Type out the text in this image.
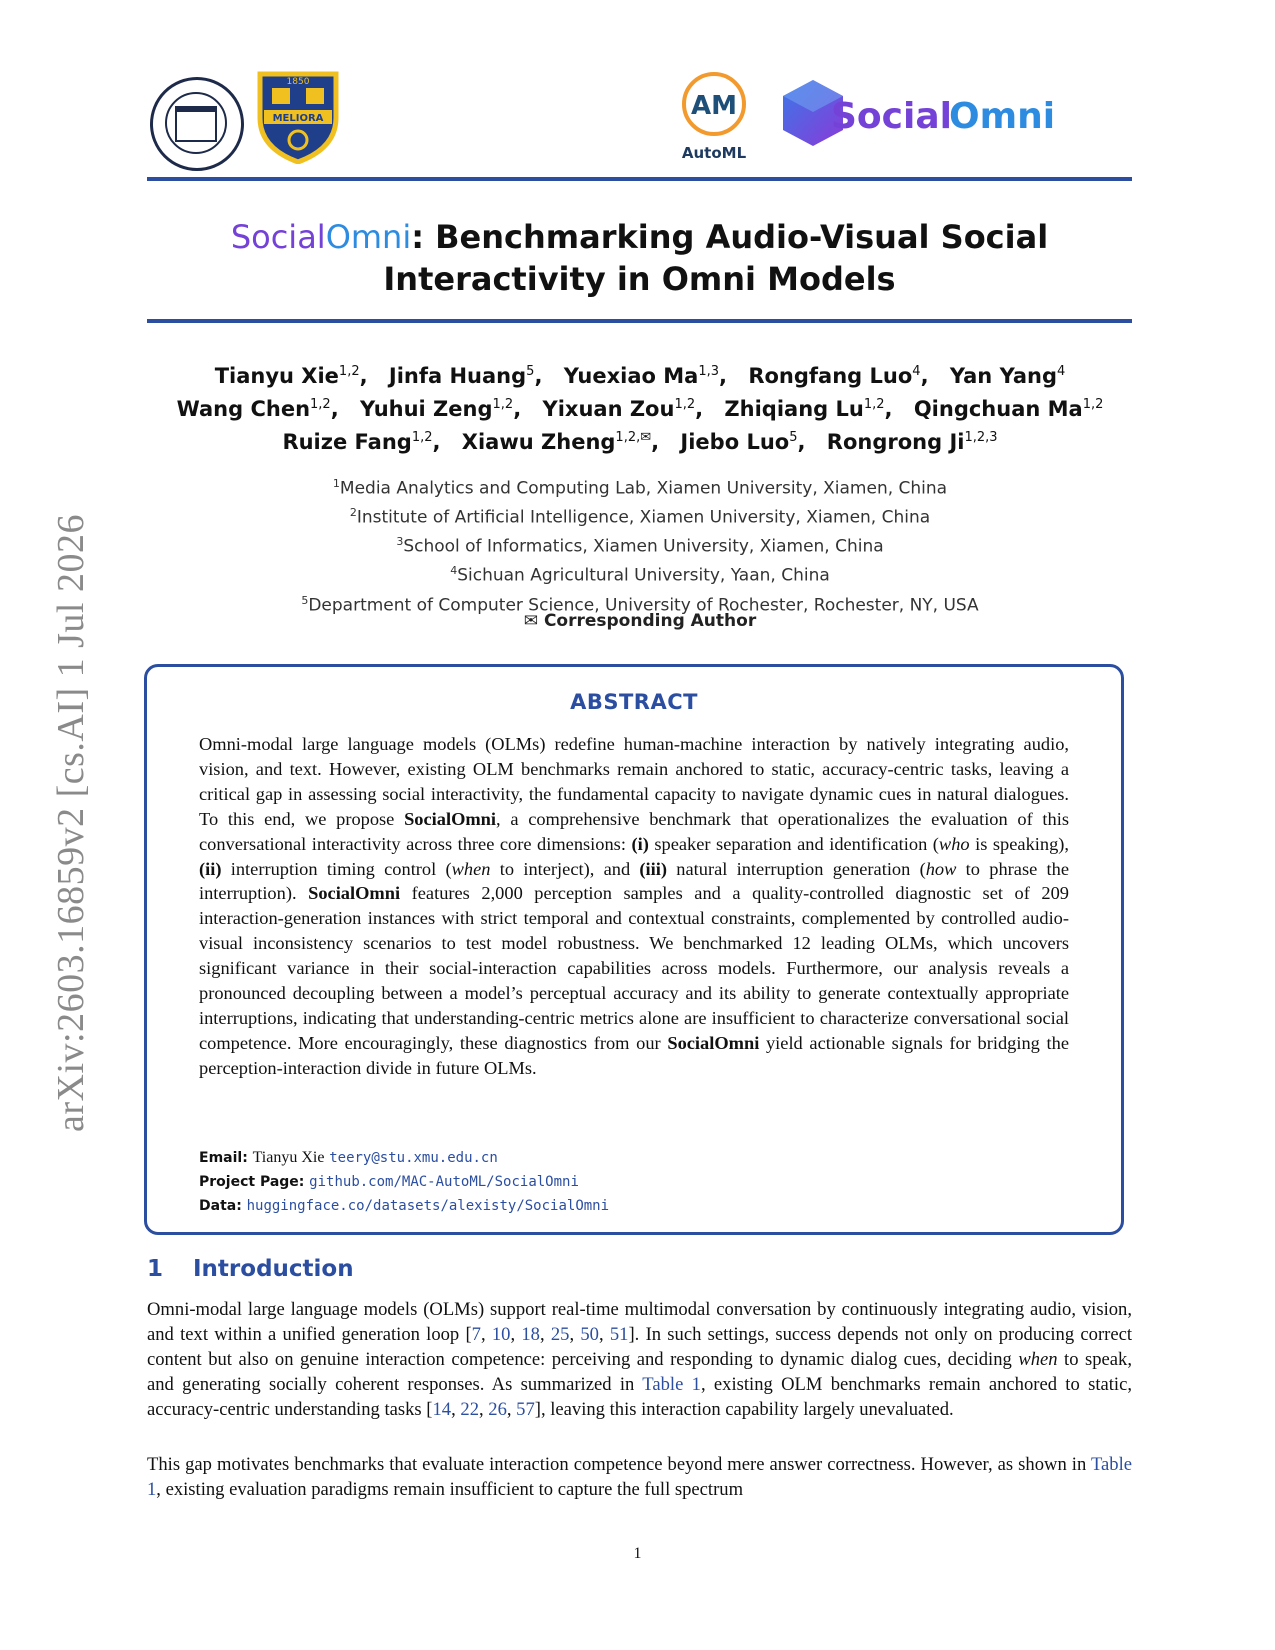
arXiv:2603.16859v2 [cs.AI] 1 Jul 2026
1850
MELIORA	AM
AutoML
Social
Omni
SocialOmni: Benchmarking Audio-Visual Social
Interactivity in Omni Models
Tianyu Xie$^{1,2}$, Jinfa Huang$^5$, Yuexiao Ma$^{1,3}$, Rongfang Luo$^4$, Yan Yang$^4$
Wang Chen$^{1,2}$, Yuhui Zeng$^{1,2}$, Yixuan Zou$^{1,2}$, Zhiqiang Lu$^{1,2}$, Qingchuan Ma$^{1,2}$
Ruize Fang$^{1,2}$, Xiawu Zheng$^{1,2,✉}$, Jiebo Luo$^5$, Rongrong Ji$^{1,2,3}$
$^1$Media Analytics and Computing Lab, Xiamen University, Xiamen, China
$^2$Institute of Artificial Intelligence, Xiamen University, Xiamen, China
$^3$School of Informatics, Xiamen University, Xiamen, China
$^4$Sichuan Agricultural University, Yaan, China
$^5$Department of Computer Science, University of Rochester, Rochester, NY, USA
✉ Corresponding Author
ABSTRACT
Omni-modal large language models (OLMs) redefine human-machine interaction by natively integrating audio, vision, and text. However, existing OLM benchmarks remain anchored to static, accuracy-centric tasks, leaving a critical gap in assessing social interactivity, the fundamental capacity to navigate dynamic cues in natural dialogues. To this end, we propose SocialOmni, a comprehensive benchmark that operationalizes the evaluation of this conversational interactivity across three core dimensions: (i) speaker separation and identification (who is speaking), (ii) interruption timing control (when to interject), and (iii) natural interruption generation (how to phrase the interruption). SocialOmni features 2,000 perception samples and a quality-controlled diagnostic set of 209 interaction-generation instances with strict temporal and contextual constraints, complemented by controlled audio-visual inconsistency scenarios to test model robustness. We benchmarked 12 leading OLMs, which uncovers significant variance in their social-interaction capabilities across models. Furthermore, our analysis reveals a pronounced decoupling between a model’s perceptual accuracy and its ability to generate contextually appropriate interruptions, indicating that understanding-centric metrics alone are insufficient to characterize conversational social competence. More encouragingly, these diagnostics from our SocialOmni yield actionable signals for bridging the perception-interaction divide in future OLMs.
Email: Tianyu Xie teery@stu.xmu.edu.cn
Project Page: github.com/MAC-AutoML/SocialOmni
Data: huggingface.co/datasets/alexisty/SocialOmni
1 Introduction
Omni-modal large language models (OLMs) support real-time multimodal conversation by continuously integrating audio, vision, and text within a unified generation loop [7, 10, 18, 25, 50, 51]. In such settings, success depends not only on producing correct content but also on genuine interaction competence: perceiving and responding to dynamic dialog cues, deciding when to speak, and generating socially coherent responses. As summarized in Table 1, existing OLM benchmarks remain anchored to static, accuracy-centric understanding tasks [14, 22, 26, 57], leaving this interaction capability largely unevaluated.
This gap motivates benchmarks that evaluate interaction competence beyond mere answer correctness. However, as shown in Table 1, existing evaluation paradigms remain insufficient to capture the full spectrum
1
